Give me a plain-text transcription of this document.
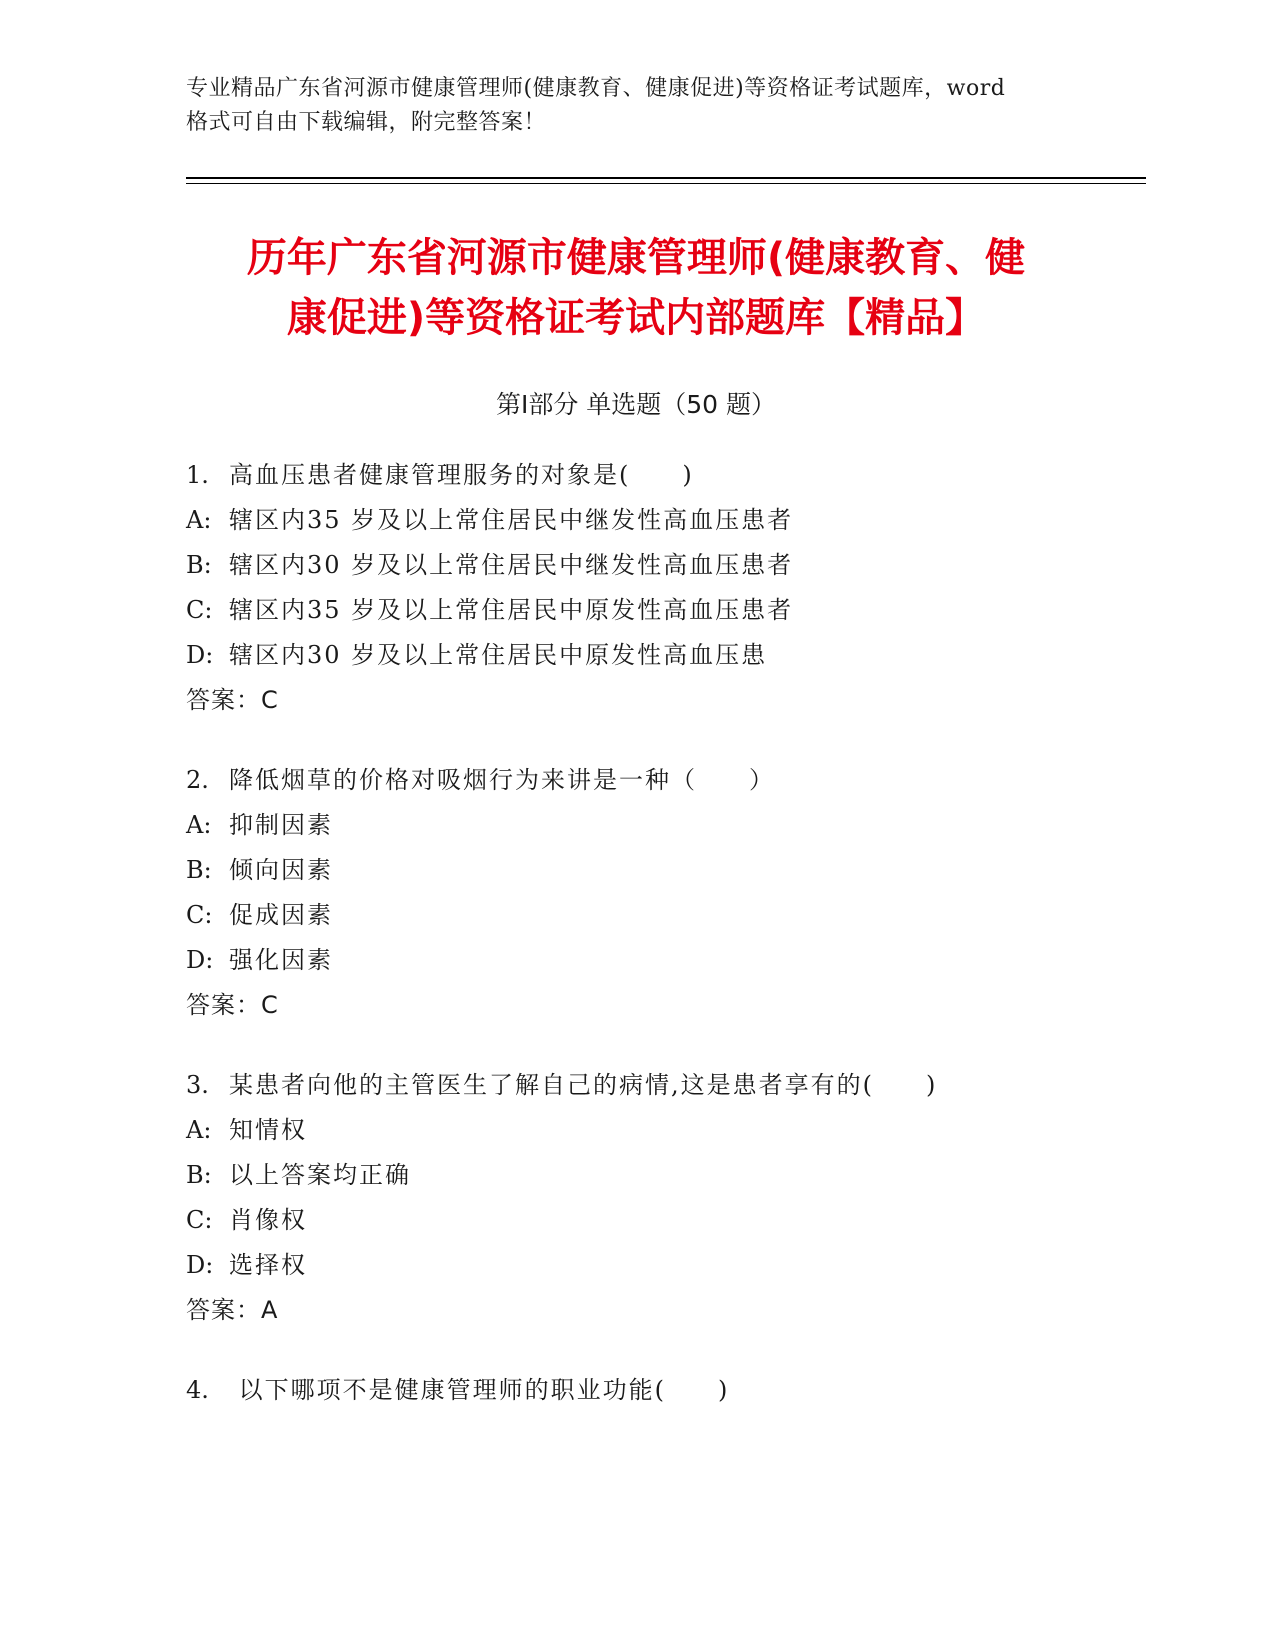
专业精品广东省河源市健康管理师(健康教育、健康促进)等资格证考试题库，word
格式可自由下载编辑，附完整答案！
历年广东省河源市健康管理师(健康教育、健
康促进)等资格证考试内部题库【精品】
第Ⅰ部分 单选题（50 题）
1. 高血压患者健康管理服务的对象是(　　)
A: 辖区内35 岁及以上常住居民中继发性高血压患者
B: 辖区内30 岁及以上常住居民中继发性高血压患者
C: 辖区内35 岁及以上常住居民中原发性高血压患者
D: 辖区内30 岁及以上常住居民中原发性高血压患
答案：C
2. 降低烟草的价格对吸烟行为来讲是一种（　　）
A: 抑制因素
B: 倾向因素
C: 促成因素
D: 强化因素
答案：C
3. 某患者向他的主管医生了解自己的病情,这是患者享有的(　　)
A: 知情权
B: 以上答案均正确
C: 肖像权
D: 选择权
答案：A
4. 以下哪项不是健康管理师的职业功能(　　)
